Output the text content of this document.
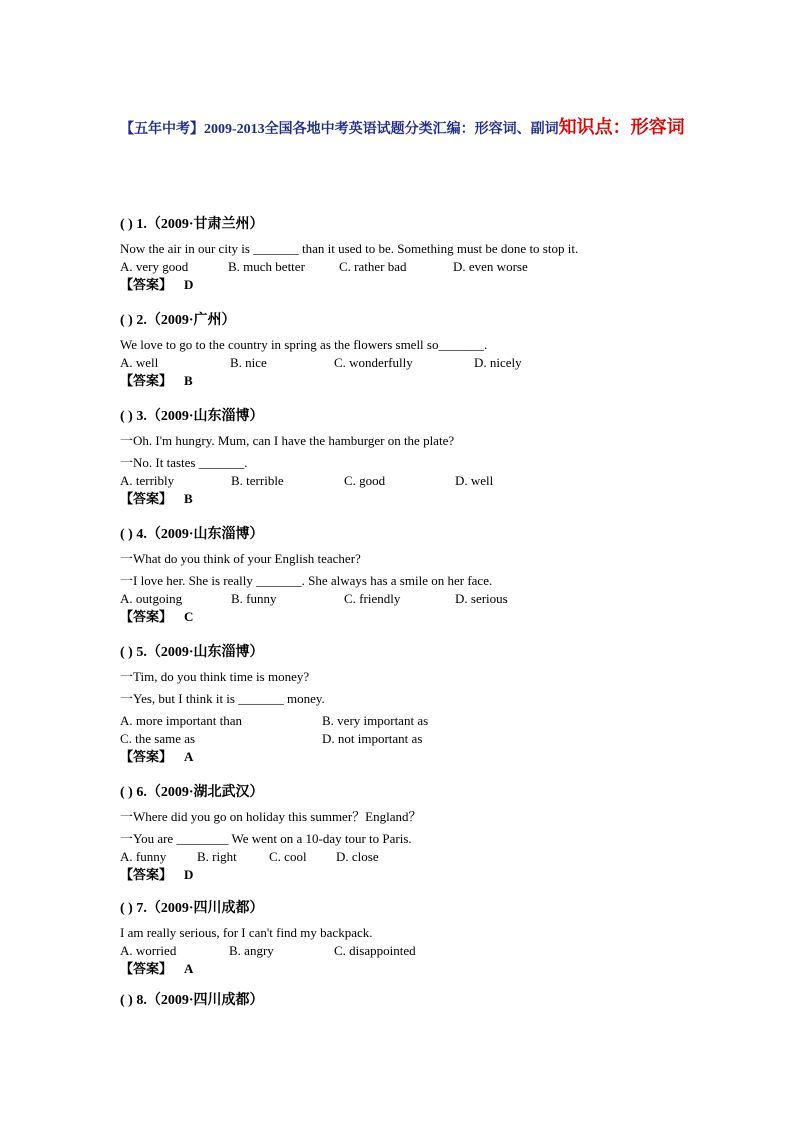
【五年中考】2009-2013全国各地中考英语试题分类汇编：形容词、副词知识点：形容词
( ) 1.（2009·甘肃兰州）
Now the air in our city is _______ than it used to be. Something must be done to stop it.
A. very good	B. much better	C. rather bad	D. even worse
【答案】 D
( ) 2.（2009·广州）
We love to go to the country in spring as the flowers smell so_______.
A. well	B. nice	C. wonderfully	D. nicely
【答案】 B
( ) 3.（2009·山东淄博）
一Oh. I'm hungry. Mum, can I have the hamburger on the plate?
一No. It tastes _______.
A. terribly	B. terrible	C. good	D. well
【答案】 B
( ) 4.（2009·山东淄博）
一What do you think of your English teacher?
一I love her. She is really _______. She always has a smile on her face.
A. outgoing	B. funny	C. friendly	D. serious
【答案】 C
( ) 5.（2009·山东淄博）
一Tim, do you think time is money?
一Yes, but I think it is _______ money.
A. more important than	B. very important as
C. the same as	D. not important as
【答案】 A
( ) 6.（2009·湖北武汉）
一Where did you go on holiday this summer？England？
一You are ________ We went on a 10-day tour to Paris.
A. funny B. right C. cool D. close
【答案】 D
( ) 7.（2009·四川成都）
I am really serious, for I can't find my backpack.
A. worried	B. angry	C. disappointed
【答案】 A
( ) 8.（2009·四川成都）
